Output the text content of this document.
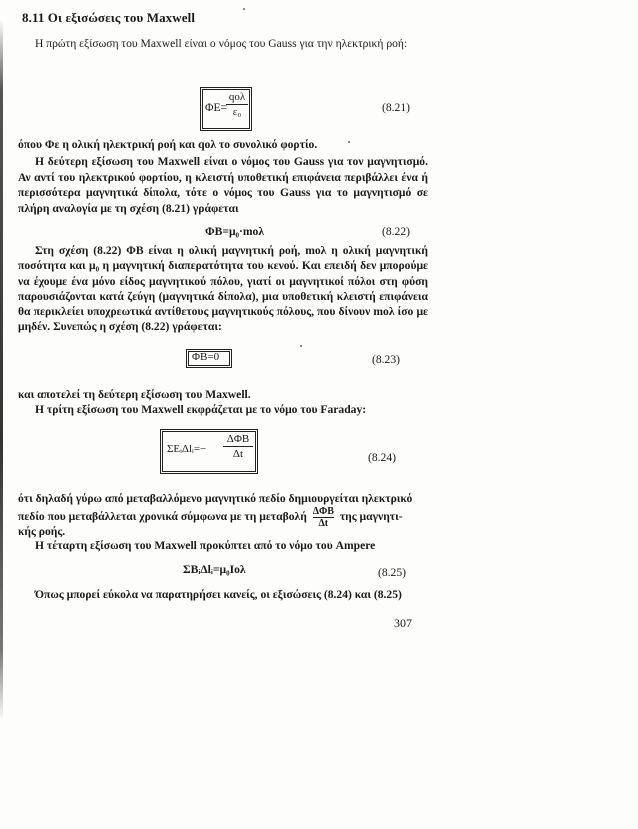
8.11 Οι εξισώσεις του Maxwell

Η πρώτη εξίσωση του Maxwell είναι ο νόμος του Gauss για την ηλεκτρική ροή:

ΦΕ=
qολ
ε₀	(8.21)

όπου Φε η ολική ηλεκτρική ροή και qολ το συνολικό φορτίο.

Η δεύτερη εξίσωση του Maxwell είναι ο νόμος του Gauss για τον μαγνητισμό. Αν αντί του ηλεκτρικού φορτίου, η κλειστή υποθετική επιφάνεια περιβάλλει ένα ή περισσότερα μαγνητικά δίπολα, τότε ο νόμος του Gauss για το μαγνητισμό σε πλήρη αναλογία με τη σχέση (8.21) γράφεται

ΦΒ=μ₀·mολ	(8.22)

Στη σχέση (8.22) ΦΒ είναι η ολική μαγνητική ροή, mολ η ολική μαγνητική ποσότητα και μ₀ η μαγνητική διαπερατότητα του κενού. Και επειδή δεν μπορούμε να έχουμε ένα μόνο είδος μαγνητικού πόλου, γιατί οι μαγνητικοί πόλοι στη φύση παρουσιάζονται κατά ζεύγη (μαγνητικά δίπολα), μια υποθετική κλειστή επιφάνεια θα περικλείει υποχρεωτικά αντίθετους μαγνητικούς πόλους, που δίνουν mολ ίσο με μηδέν. Συνεπώς η σχέση (8.22) γράφεται:

ΦΒ=0	(8.23)

και αποτελεί τη δεύτερη εξίσωση του Maxwell.

Η τρίτη εξίσωση του Maxwell εκφράζεται με το νόμο του Faraday:

ΣΕᵢΔlᵢ=−
ΔΦΒ
Δt	(8.24)
ότι δηλαδή γύρω από μεταβαλλόμενο μαγνητικό πεδίο δημιουργείται ηλεκτρικό
πεδίο που μεταβάλλεται χρονικά σύμφωνα με τη μεταβολή ΔΦΒ
Δt
της μαγνητι-
κής ροής.

Η τέταρτη εξίσωση του Maxwell προκύπτει από το νόμο του Ampere

ΣΒᵢΔlᵢ=μ₀Iολ	(8.25)

Όπως μπορεί εύκολα να παρατηρήσει κανείς, οι εξισώσεις (8.24) και (8.25)

307
